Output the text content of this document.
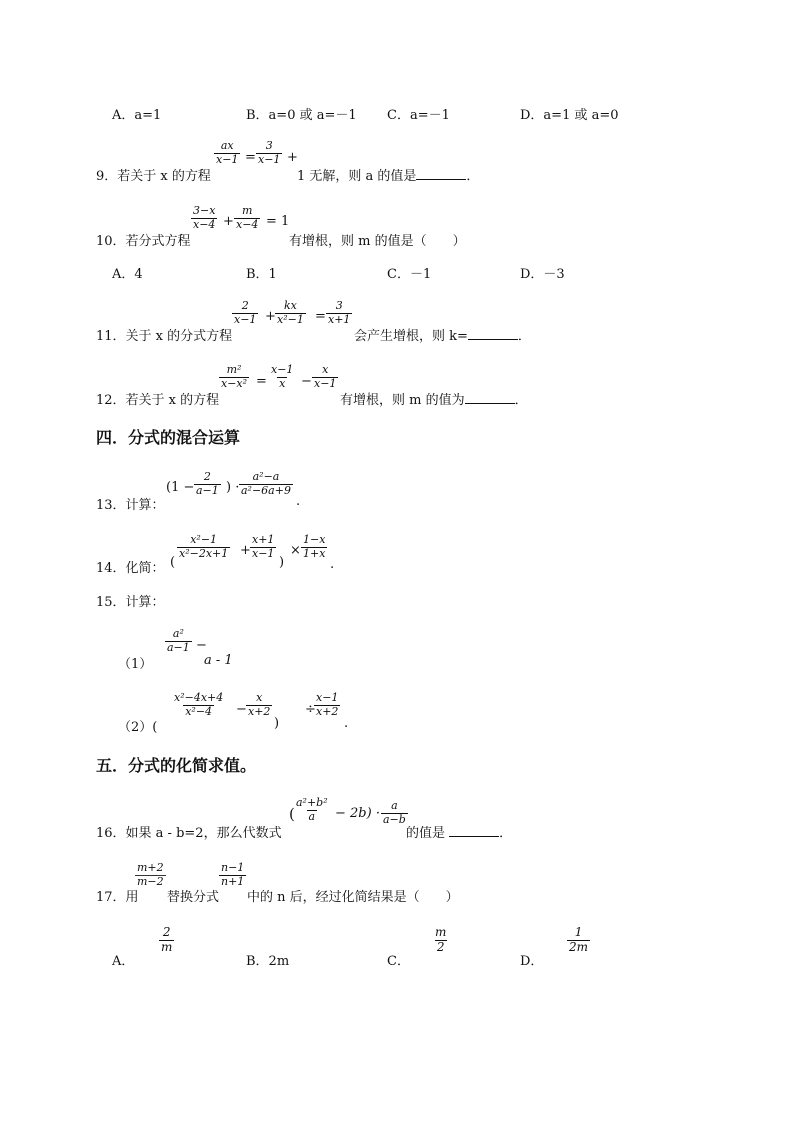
A．a=1	B．a=0 或 a=－1 C．a=－1	D．a=1 或 a=0
9．若关于 x 的方程
$\frac{ax}{x-1} = \frac{3}{x-1}$ +
1 无解，则 a 的值是	．
10．若分式方程
$\frac{3-x}{x-4} + \frac{m}{x-4} = 1$
有增根，则 m 的值是（　　）
A．4	B．1	C．－1	D．－3
11．关于 x 的分式方程
$\frac{2}{x-1} + \frac{kx}{\text{x²−1}} = \frac{3}{x+1}$
会产生增根，则 k=	．
12．若关于 x 的方程
$\frac{\text{m²}}{\text{x−x²}} = \frac{x-1}{x} - \frac{x}{x-1}$
有增根，则 m 的值为	．
四．分式的混合运算
13．计算：
($1 - \frac{2}{a-1}$ ) · $\frac{\text{a²−a}}{\text{a²−6a+9}}$
.
14．化简： (
$\frac{\text{x²−1}}{\text{x²−2x+1}} + \frac{x+1}{x-1}$
)
× $\frac{1-x}{1+x}$
.
15．计算：
（1）
$\frac{\text{a²}}{a-1}$ −
a - 1
（2）(
$\frac{\text{x²−4x+4}}{\text{x²−4}} - \frac{x}{x+2}$
)
÷
$\frac{x-1}{x+2}$
.
五．分式的化简求值。
16．如果 a - b=2，那么代数式
( $\frac{\text{a²+b²}}{a} - 2b) \cdot \frac{a}{a-b}$
的值是	．
17．用
$\frac{m+2}{m-2}$
替换分式
$\frac{n-1}{n+1}$
中的 n 后，经过化简结果是（　　）
A．
$\frac{2}{m}$
B．2m	C．
$\frac{m}{2}$
D．
$\frac{1}{2m}$
